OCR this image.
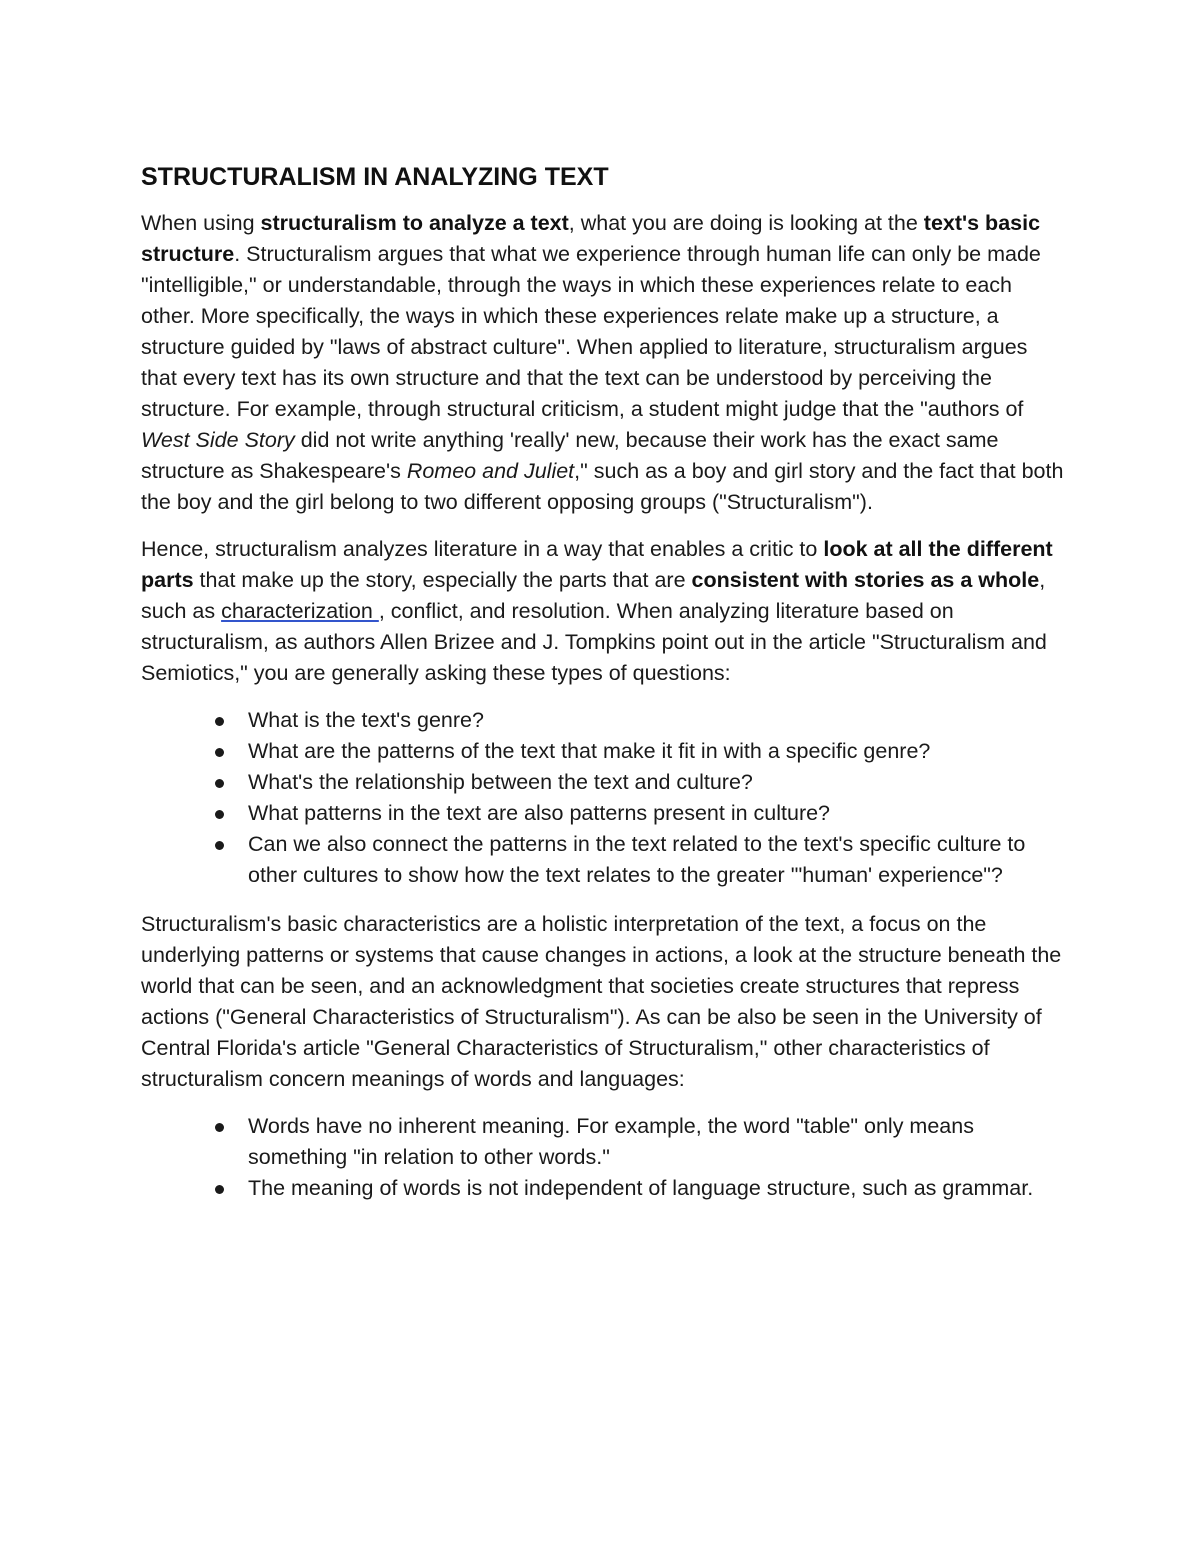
STRUCTURALISM IN ANALYZING TEXT

When using structuralism to analyze a text, what you are doing is looking at the text's basic structure. Structuralism argues that what we experience through human life can only be made "intelligible," or understandable, through the ways in which these experiences relate to each other. More specifically, the ways in which these experiences relate make up a structure, a structure guided by "laws of abstract culture". When applied to literature, structuralism argues that every text has its own structure and that the text can be understood by perceiving the structure. For example, through structural criticism, a student might judge that the "authors of West Side Story did not write anything 'really' new, because their work has the exact same structure as Shakespeare's Romeo and Juliet," such as a boy and girl story and the fact that both the boy and the girl belong to two different opposing groups ("Structuralism").

Hence, structuralism analyzes literature in a way that enables a critic to look at all the different parts that make up the story, especially the parts that are consistent with stories as a whole, such as characterization , conflict, and resolution. When analyzing literature based on structuralism, as authors Allen Brizee and J. Tompkins point out in the article "Structuralism and Semiotics," you are generally asking these types of questions:

What is the text's genre?
What are the patterns of the text that make it fit in with a specific genre?
What's the relationship between the text and culture?
What patterns in the text are also patterns present in culture?
Can we also connect the patterns in the text related to the text's specific culture to other cultures to show how the text relates to the greater '"human' experience"?

Structuralism's basic characteristics are a holistic interpretation of the text, a focus on the underlying patterns or systems that cause changes in actions, a look at the structure beneath the world that can be seen, and an acknowledgment that societies create structures that repress actions ("General Characteristics of Structuralism"). As can be also be seen in the University of Central Florida's article "General Characteristics of Structuralism," other characteristics of structuralism concern meanings of words and languages:

Words have no inherent meaning. For example, the word "table" only means something "in relation to other words."
The meaning of words is not independent of language structure, such as grammar.
